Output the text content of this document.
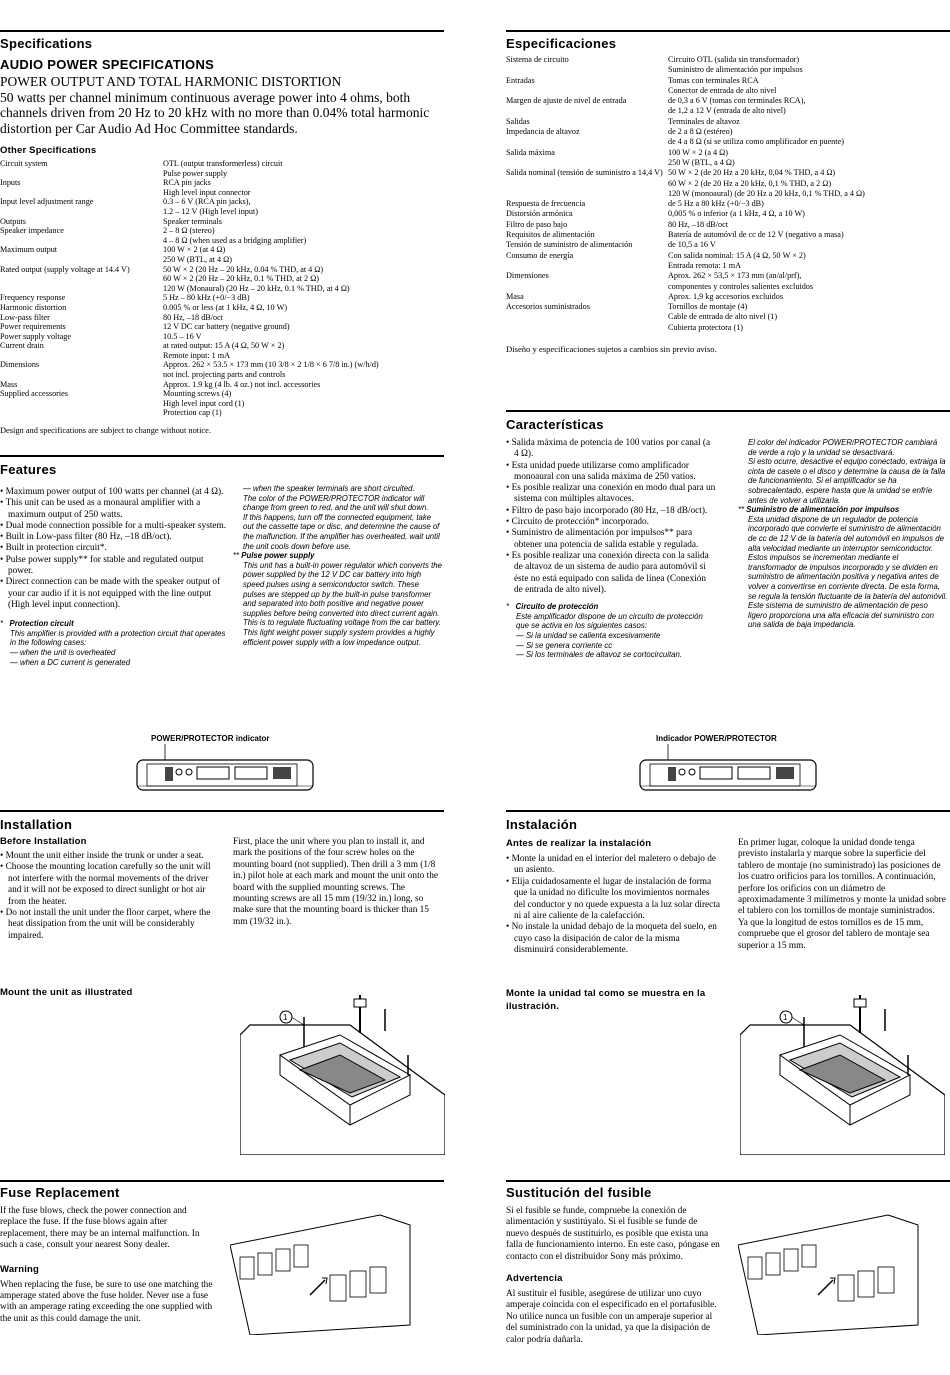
Specifications
AUDIO POWER SPECIFICATIONS
POWER OUTPUT AND TOTAL HARMONIC DISTORTION
50 watts per channel minimum continuous average power into 4 ohms, both channels driven from 20 Hz to 20 kHz with no more than 0.04% total harmonic distortion per Car Audio Ad Hoc Committee standards.
Other Specifications
Circuit system	OTL (output transformerless) circuit
Pulse power supply
Inputs	RCA pin jacks
High level input connector
Input level adjustment range	0.3 – 6 V (RCA pin jacks),
1.2 – 12 V (High level input)
Outputs	Speaker terminals
Speaker impedance	2 – 8 Ω (stereo)
4 – 8 Ω (when used as a bridging amplifier)
Maximum output	100 W × 2 (at 4 Ω)
250 W (BTL, at 4 Ω)
Rated output (supply voltage at 14.4 V)	50 W × 2 (20 Hz – 20 kHz, 0.04 % THD, at 4 Ω)
60 W × 2 (20 Hz – 20 kHz, 0.1 % THD, at 2 Ω)
120 W (Monaural) (20 Hz – 20 kHz, 0.1 % THD, at 4 Ω)
Frequency response	5 Hz – 80 kHz (+0/−3 dB)
Harmonic distortion	0.005 % or less (at 1 kHz, 4 Ω, 10 W)
Low-pass filter	80 Hz, –18 dB/oct
Power requirements	12 V DC car battery (negative ground)
Power supply voltage	10.5 – 16 V
Current drain	at rated output: 15 A (4 Ω, 50 W × 2)
Remote input: 1 mA
Dimensions	Approx. 262 × 53.5 × 173 mm (10 3/8 × 2 1/8 × 6 7/8 in.) (w/h/d)
not incl. projecting parts and controls
Mass	Approx. 1.9 kg (4 lb. 4 oz.) not incl. accessories
Supplied accessories	Mounting screws (4)
High level input cord (1)
Protection cap (1)
Design and specifications are subject to change without notice.
Features
• Maximum power output of 100 watts per channel (at 4 Ω).
• This unit can be used as a monaural amplifier with a maximum output of 250 watts.
• Dual mode connection possible for a multi-speaker system.
• Built in Low-pass filter (80 Hz, –18 dB/oct).
• Built in protection circuit*.
• Pulse power supply** for stable and regulated output power.
• Direct connection can be made with the speaker output of your car audio if it is not equipped with the line output (High level input connection).
* Protection circuit
This amplifier is provided with a protection circuit that operates in the following cases:
— when the unit is overheated
— when a DC current is generated
— when the speaker terminals are short circuited.
The color of the POWER/PROTECTOR indicator will change from green to red, and the unit will shut down.
If this happens, turn off the connected equipment, take out the cassette tape or disc, and determine the cause of the malfunction. If the amplifier has overheated, wait until the unit cools down before use.
** Pulse power supply
This unit has a built-in power regulator which converts the power supplied by the 12 V DC car battery into high speed pulses using a semiconductor switch. These pulses are stepped up by the built-in pulse transformer and separated into both positive and negative power supplies before being converted into direct current again. This is to regulate fluctuating voltage from the car battery. This light weight power supply system provides a highly efficient power supply with a low impedance output.
POWER/PROTECTOR indicator
Installation
Before Installation
• Mount the unit either inside the trunk or under a seat.
• Choose the mounting location carefully so the unit will not interfere with the normal movements of the driver and it will not be exposed to direct sunlight or hot air from the heater.
• Do not install the unit under the floor carpet, where the heat dissipation from the unit will be considerably impaired.
First, place the unit where you plan to install it, and mark the positions of the four screw holes on the mounting board (not supplied). Then drill a 3 mm (1/8 in.) pilot hole at each mark and mount the unit onto the board with the supplied mounting screws. The mounting screws are all 15 mm (19/32 in.) long, so make sure that the mounting board is thicker than 15 mm (19/32 in.).
Mount the unit as illustrated
1
Fuse Replacement
If the fuse blows, check the power connection and replace the fuse. If the fuse blows again after replacement, there may be an internal malfunction. In such a case, consult your nearest Sony dealer.
Warning
When replacing the fuse, be sure to use one matching the amperage stated above the fuse holder. Never use a fuse with an amperage rating exceeding the one supplied with the unit as this could damage the unit.
Especificaciones
Sistema de circuito	Circuito OTL (salida sin transformador)
Suministro de alimentación por impulsos
Entradas	Tomas con terminales RCA
Conector de entrada de alto nivel
Margen de ajuste de nivel de entrada	de 0,3 a 6 V (tomas con terminales RCA),
de 1,2 a 12 V (entrada de alto nivel)
Salidas	Terminales de altavoz
Impedancia de altavoz	de 2 a 8 Ω (estéreo)
de 4 a 8 Ω (si se utiliza como amplificador en puente)
Salida máxima	100 W × 2 (a 4 Ω)
250 W (BTL, a 4 Ω)
Salida nominal (tensión de suministro a 14,4 V) 50 W × 2 (de 20 Hz a 20 kHz, 0,04 % THD, a 4 Ω)
60 W × 2 (de 20 Hz a 20 kHz, 0,1 % THD, a 2 Ω)
120 W (monoaural) (de 20 Hz a 20 kHz, 0,1 % THD, a 4 Ω)
Respuesta de frecuencia	de 5 Hz a 80 kHz (+0/−3 dB)
Distorsión armónica	0,005 % o inferior (a 1 kHz, 4 Ω, a 10 W)
Filtro de paso bajo	80 Hz, –18 dB/oct
Requisitos de alimentación	Batería de automóvil de cc de 12 V (negativo a masa)
Tensión de suministro de alimentación	de 10,5 a 16 V
Consumo de energía	Con salida nominal: 15 A (4 Ω, 50 W × 2)
Entrada remota: 1 mA
Dimensiones	Aprox. 262 × 53,5 × 173 mm (an/al/prf),
componentes y controles salientes excluidos
Masa	Aprox. 1,9 kg accesorios excluidos
Accesorios suministrados	Tornillos de montaje (4)
Cable de entrada de alto nivel (1)
Cubierta protectora (1)
Diseño y especificaciones sujetos a cambios sin previo aviso.
Características
• Salida máxima de potencia de 100 vatios por canal (a 4 Ω).
• Esta unidad puede utilizarse como amplificador monoaural con una salida máxima de 250 vatios.
• Es posible realizar una conexión en modo dual para un sistema con múltiples altavoces.
• Filtro de paso bajo incorporado (80 Hz, –18 dB/oct).
• Circuito de protección* incorporado.
• Suministro de alimentación por impulsos** para obtener una potencia de salida estable y regulada.
• Es posible realizar una conexión directa con la salida de altavoz de un sistema de audio para automóvil si éste no está equipado con salida de línea (Conexión de entrada de alto nivel).
* Circuito de protección
Este amplificador dispone de un circuito de protección que se activa en los siguientes casos:
— Si la unidad se calienta excesivamente
— Si se genera corriente cc
— Si los terminales de altavoz se cortocircuitan.
El color del indicador POWER/PROTECTOR cambiará de verde a rojo y la unidad se desactivará.
Si esto ocurre, desactive el equipo conectado, extraiga la cinta de casete o el disco y determine la causa de la falla de funcionamiento. Si el amplificador se ha sobrecalentado, espere hasta que la unidad se enfríe antes de volver a utilizarla.
** Suministro de alimentación por impulsos
Esta unidad dispone de un regulador de potencia incorporado que convierte el suministro de alimentación de cc de 12 V de la batería del automóvil en impulsos de alta velocidad mediante un interruptor semiconductor. Estos impulsos se incrementan mediante el transformador de impulsos incorporado y se dividen en suministro de alimentación positiva y negativa antes de volver a convertirse en corriente directa. De esta forma, se regula la tensión fluctuante de la batería del automóvil. Este sistema de suministro de alimentación de peso ligero proporciona una alta eficacia del suministro con una salida de baja impedancia.
Indicador POWER/PROTECTOR
Instalación
Antes de realizar la instalación
• Monte la unidad en el interior del maletero o debajo de un asiento.
• Elija cuidadosamente el lugar de instalación de forma que la unidad no dificulte los movimientos normales del conductor y no quede expuesta a la luz solar directa ni al aire caliente de la calefacción.
• No instale la unidad debajo de la moqueta del suelo, en cuyo caso la disipación de calor de la misma disminuirá considerablemente.
En primer lugar, coloque la unidad donde tenga previsto instalarla y marque sobre la superficie del tablero de montaje (no suministrado) las posiciones de los cuatro orificios para los tornillos. A continuación, perfore los orificios con un diámetro de aproximadamente 3 milímetros y monte la unidad sobre el tablero con los tornillos de montaje suministrados. Ya que la longitud de estos tornillos es de 15 mm, compruebe que el grosor del tablero de montaje sea superior a 15 mm.
Monte la unidad tal como se muestra en la ilustración.
1
Sustitución del fusible
Si el fusible se funde, compruebe la conexión de alimentación y sustitúyalo. Si el fusible se funde de nuevo después de sustituirlo, es posible que exista una falla de funcionamiento interno. En este caso, póngase en contacto con el distribuidor Sony más próximo.
Advertencia
Al sustituir el fusible, asegúrese de utilizar uno cuyo amperaje coincida con el especificado en el portafusible. No utilice nunca un fusible con un amperaje superior al del suministrado con la unidad, ya que la disipación de calor podría dañarla.
